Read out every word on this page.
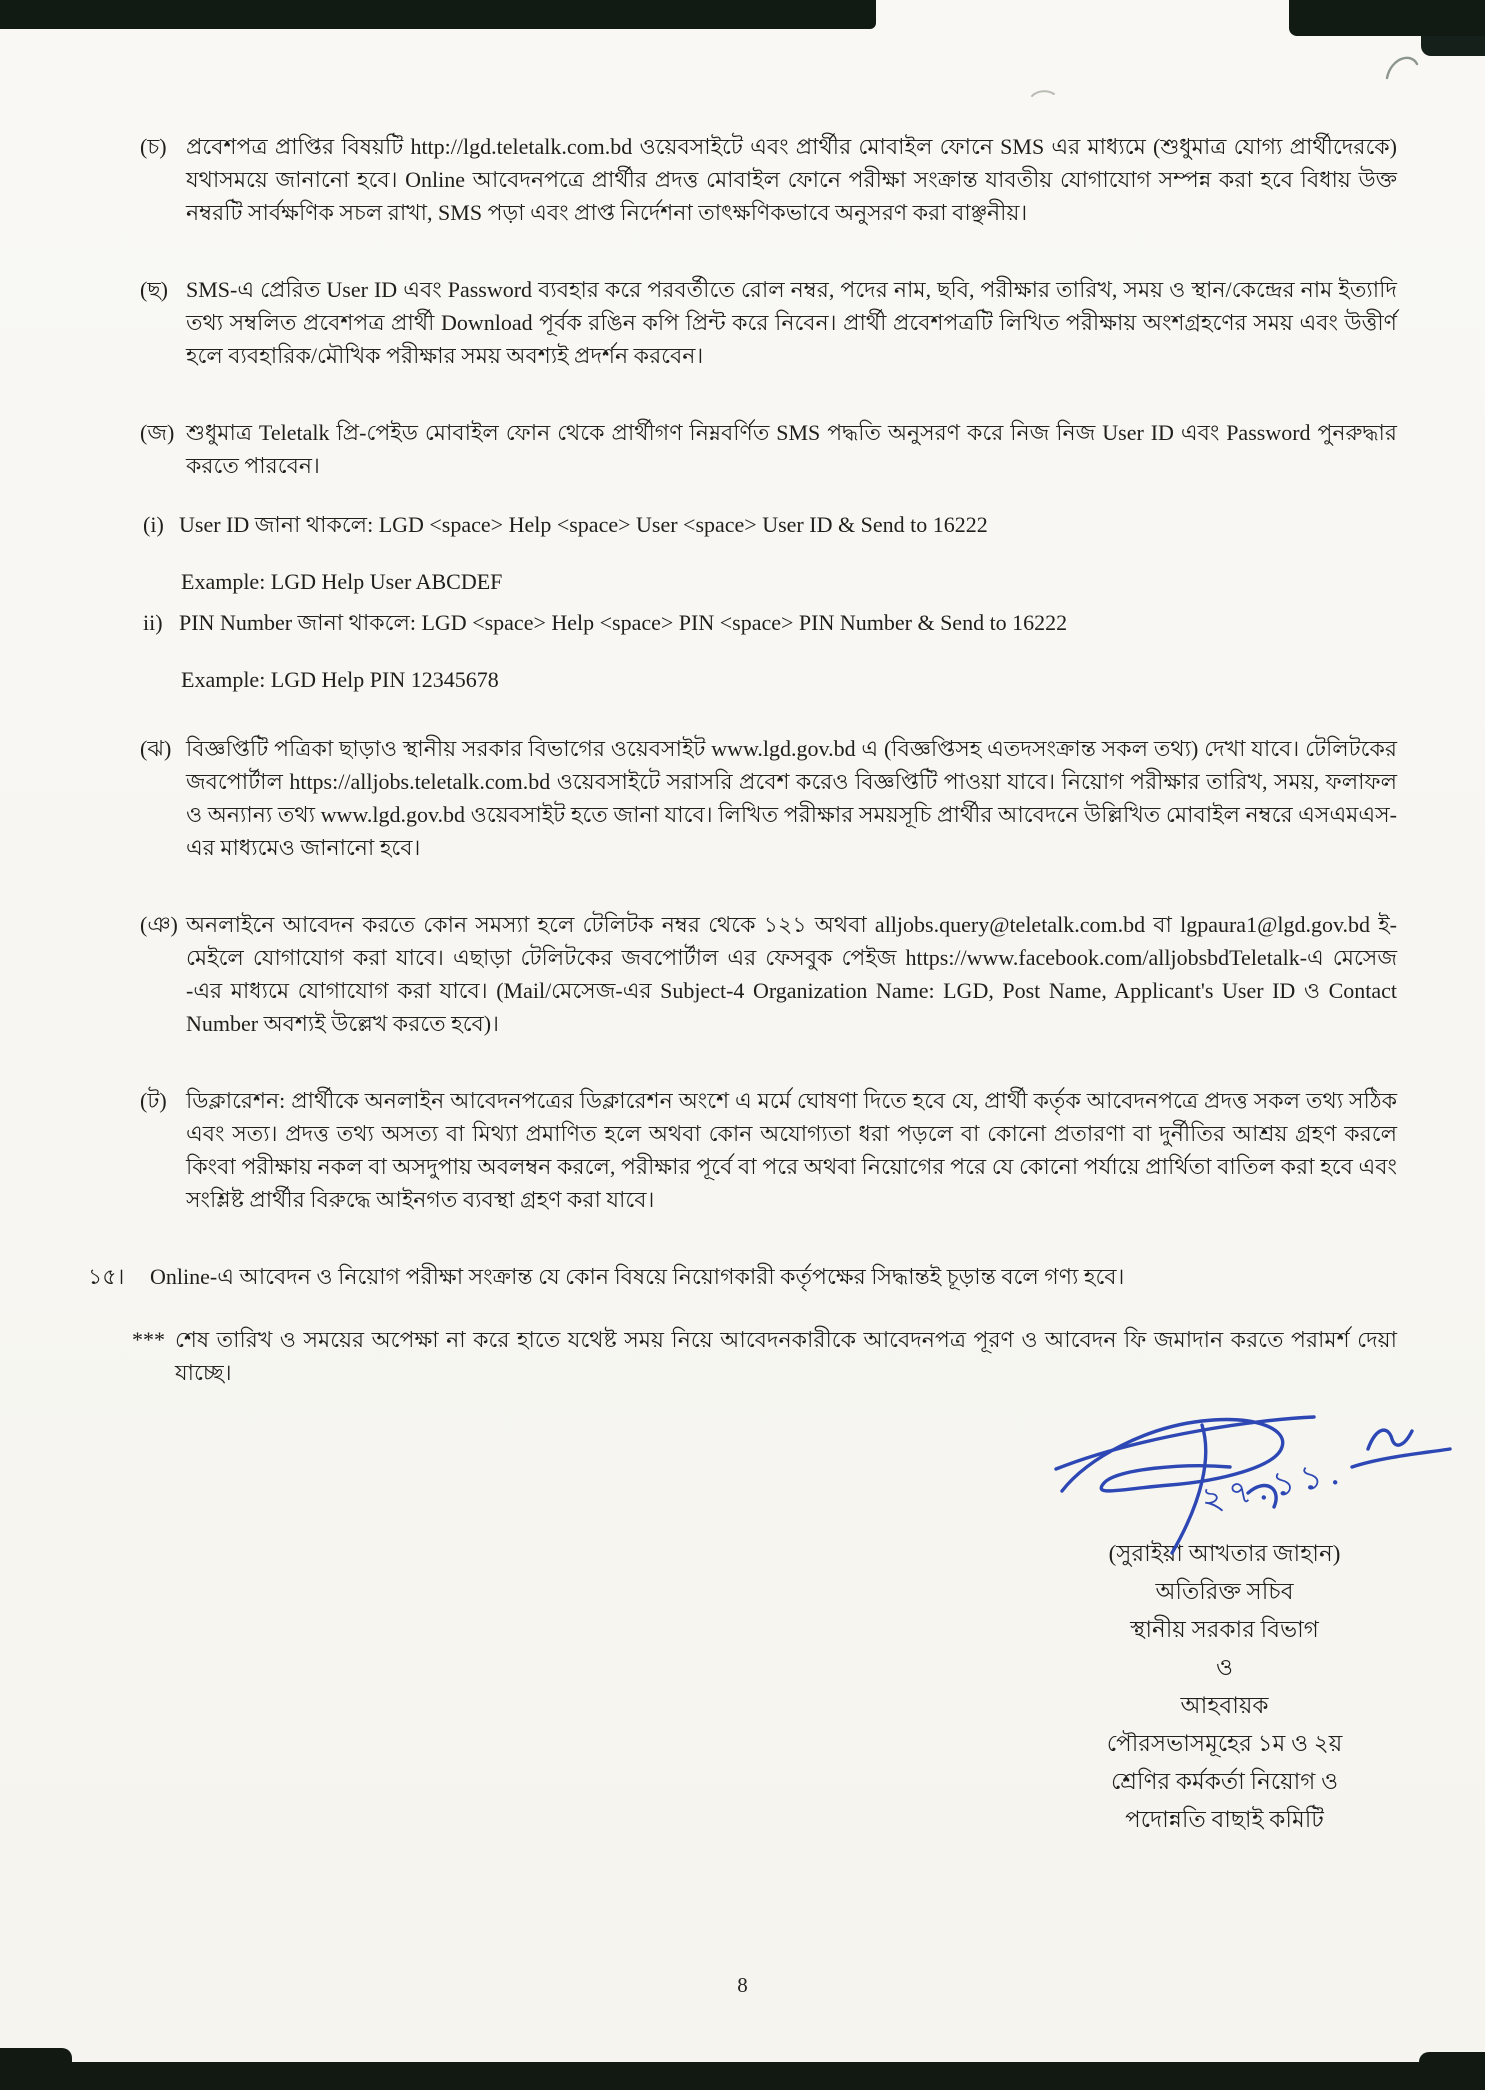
(চ) প্রবেশপত্র প্রাপ্তির বিষয়টি http://lgd.teletalk.com.bd ওয়েবসাইটে এবং প্রার্থীর মোবাইল ফোনে SMS এর মাধ্যমে (শুধুমাত্র যোগ্য প্রার্থীদেরকে) যথাসময়ে জানানো হবে। Online আবেদনপত্রে প্রার্থীর প্রদত্ত মোবাইল ফোনে পরীক্ষা সংক্রান্ত যাবতীয় যোগাযোগ সম্পন্ন করা হবে বিধায় উক্ত নম্বরটি সার্বক্ষণিক সচল রাখা, SMS পড়া এবং প্রাপ্ত নির্দেশনা তাৎক্ষণিকভাবে অনুসরণ করা বাঞ্ছনীয়।
(ছ) SMS-এ প্রেরিত User ID এবং Password ব্যবহার করে পরবর্তীতে রোল নম্বর, পদের নাম, ছবি, পরীক্ষার তারিখ, সময় ও স্থান/কেন্দ্রের নাম ইত্যাদি তথ্য সম্বলিত প্রবেশপত্র প্রার্থী Download পূর্বক রঙিন কপি প্রিন্ট করে নিবেন। প্রার্থী প্রবেশপত্রটি লিখিত পরীক্ষায় অংশগ্রহণের সময় এবং উত্তীর্ণ হলে ব্যবহারিক/মৌখিক পরীক্ষার সময় অবশ্যই প্রদর্শন করবেন।
(জ) শুধুমাত্র Teletalk প্রি-পেইড মোবাইল ফোন থেকে প্রার্থীগণ নিম্নবর্ণিত SMS পদ্ধতি অনুসরণ করে নিজ নিজ User ID এবং Password পুনরুদ্ধার করতে পারবেন।
(i) User ID জানা থাকলে: LGD <space> Help <space> User <space> User ID & Send to 16222
Example: LGD Help User ABCDEF
ii) PIN Number জানা থাকলে: LGD <space> Help <space> PIN <space> PIN Number & Send to 16222
Example: LGD Help PIN 12345678
(ঝ) বিজ্ঞপ্তিটি পত্রিকা ছাড়াও স্থানীয় সরকার বিভাগের ওয়েবসাইট www.lgd.gov.bd এ (বিজ্ঞপ্তিসহ এতদসংক্রান্ত সকল তথ্য) দেখা যাবে। টেলিটকের জবপোর্টাল https://alljobs.teletalk.com.bd ওয়েবসাইটে সরাসরি প্রবেশ করেও বিজ্ঞপ্তিটি পাওয়া যাবে। নিয়োগ পরীক্ষার তারিখ, সময়, ফলাফল ও অন্যান্য তথ্য www.lgd.gov.bd ওয়েবসাইট হতে জানা যাবে। লিখিত পরীক্ষার সময়সূচি প্রার্থীর আবেদনে উল্লিখিত মোবাইল নম্বরে এসএমএস-এর মাধ্যমেও জানানো হবে।
(ঞ) অনলাইনে আবেদন করতে কোন সমস্যা হলে টেলিটক নম্বর থেকে ১২১ অথবা alljobs.query@teletalk.com.bd বা lgpaura1@lgd.gov.bd ই-মেইলে যোগাযোগ করা যাবে। এছাড়া টেলিটকের জবপোর্টাল এর ফেসবুক পেইজ https://www.facebook.com/alljobsbdTeletalk-এ মেসেজ -এর মাধ্যমে যোগাযোগ করা যাবে। (Mail/মেসেজ-এর Subject-4 Organization Name: LGD, Post Name, Applicant's User ID ও Contact Number অবশ্যই উল্লেখ করতে হবে)।
(ট) ডিক্লারেশন: প্রার্থীকে অনলাইন আবেদনপত্রের ডিক্লারেশন অংশে এ মর্মে ঘোষণা দিতে হবে যে, প্রার্থী কর্তৃক আবেদনপত্রে প্রদত্ত সকল তথ্য সঠিক এবং সত্য। প্রদত্ত তথ্য অসত্য বা মিথ্যা প্রমাণিত হলে অথবা কোন অযোগ্যতা ধরা পড়লে বা কোনো প্রতারণা বা দুর্নীতির আশ্রয় গ্রহণ করলে কিংবা পরীক্ষায় নকল বা অসদুপায় অবলম্বন করলে, পরীক্ষার পূর্বে বা পরে অথবা নিয়োগের পরে যে কোনো পর্যায়ে প্রার্থিতা বাতিল করা হবে এবং সংশ্লিষ্ট প্রার্থীর বিরুদ্ধে আইনগত ব্যবস্থা গ্রহণ করা যাবে।
১৫।	Online-এ আবেদন ও নিয়োগ পরীক্ষা সংক্রান্ত যে কোন বিষয়ে নিয়োগকারী কর্তৃপক্ষের সিদ্ধান্তই চূড়ান্ত বলে গণ্য হবে।
*** শেষ তারিখ ও সময়ের অপেক্ষা না করে হাতে যথেষ্ট সময় নিয়ে আবেদনকারীকে আবেদনপত্র পূরণ ও আবেদন ফি জমাদান করতে পরামর্শ দেয়া যাচ্ছে।
২৭.১১.
(সুরাইয়া আখতার জাহান)
অতিরিক্ত সচিব
স্থানীয় সরকার বিভাগ
ও
আহবায়ক
পৌরসভাসমূহের ১ম ও ২য়
শ্রেণির কর্মকর্তা নিয়োগ ও
পদোন্নতি বাছাই কমিটি
8
